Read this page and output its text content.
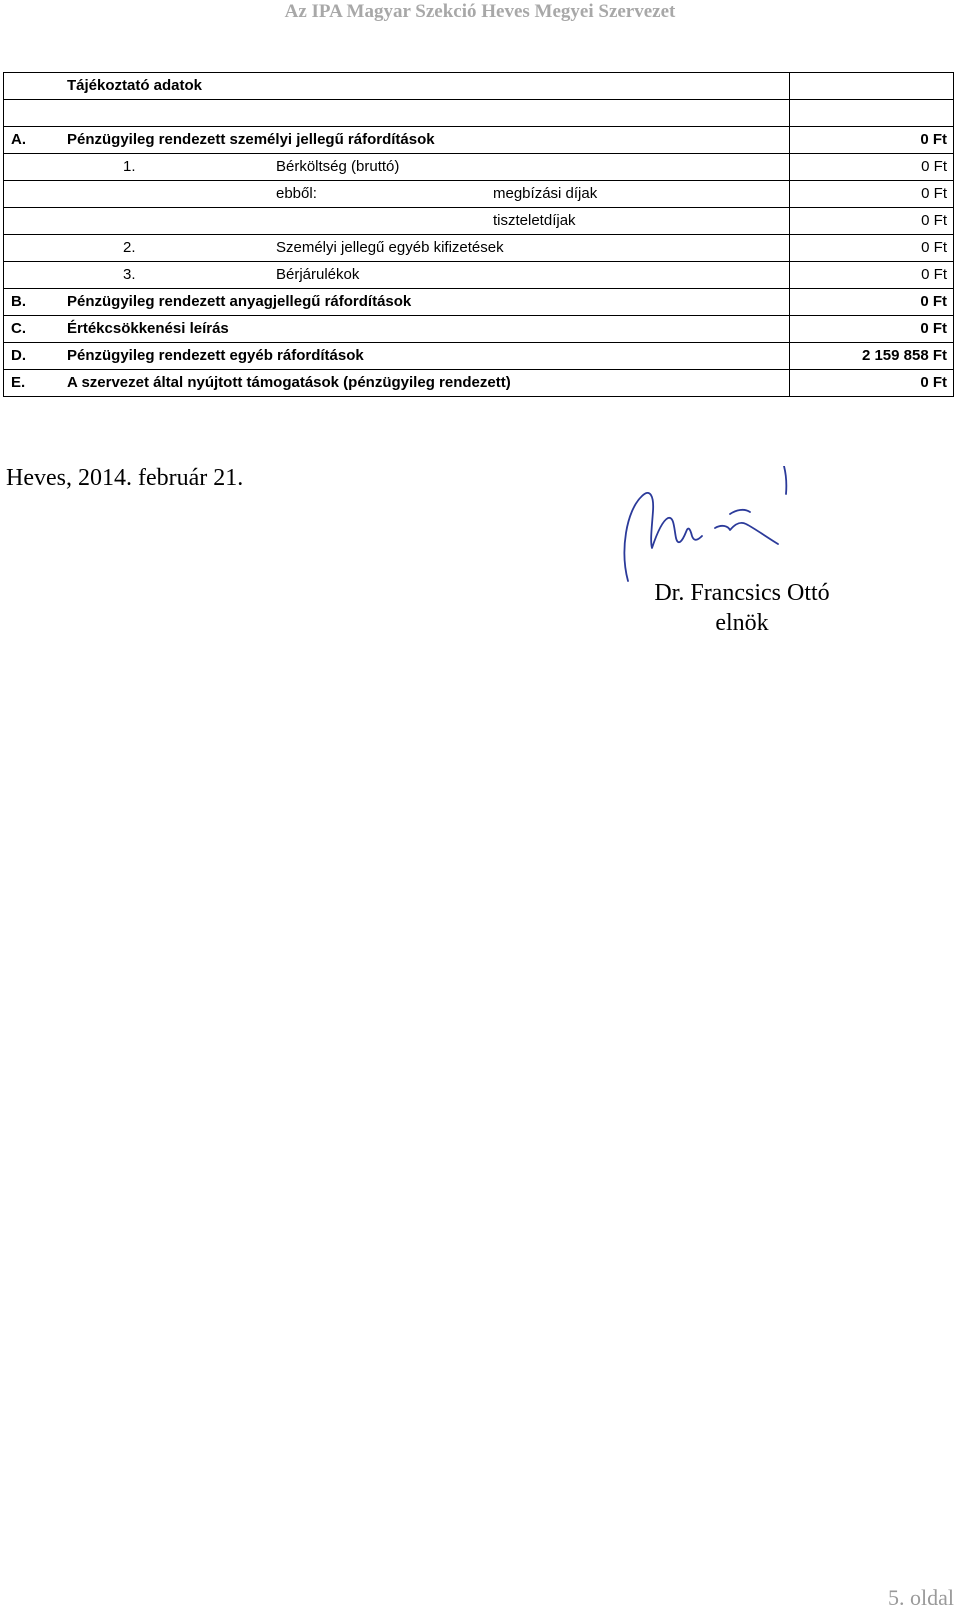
Az IPA Magyar Szekció Heves Megyei Szervezet
Tájékoztató adatok	

A. Pénzügyileg rendezett személyi jellegű ráfordítások	0 Ft

1. Bérköltség (bruttó)	0 Ft

ebből: megbízási díjak	0 Ft

tiszteletdíjak	0 Ft

2. Személyi jellegű egyéb kifizetések	0 Ft

3. Bérjárulékok	0 Ft

B. Pénzügyileg rendezett anyagjellegű ráfordítások	0 Ft

C. Értékcsökkenési leírás	0 Ft

D. Pénzügyileg rendezett egyéb ráfordítások	2 159 858 Ft

E. A szervezet által nyújtott támogatások (pénzügyileg rendezett)	0 Ft
Heves, 2014. február 21.
Dr. Francsics Ottó
elnök
5. oldal
